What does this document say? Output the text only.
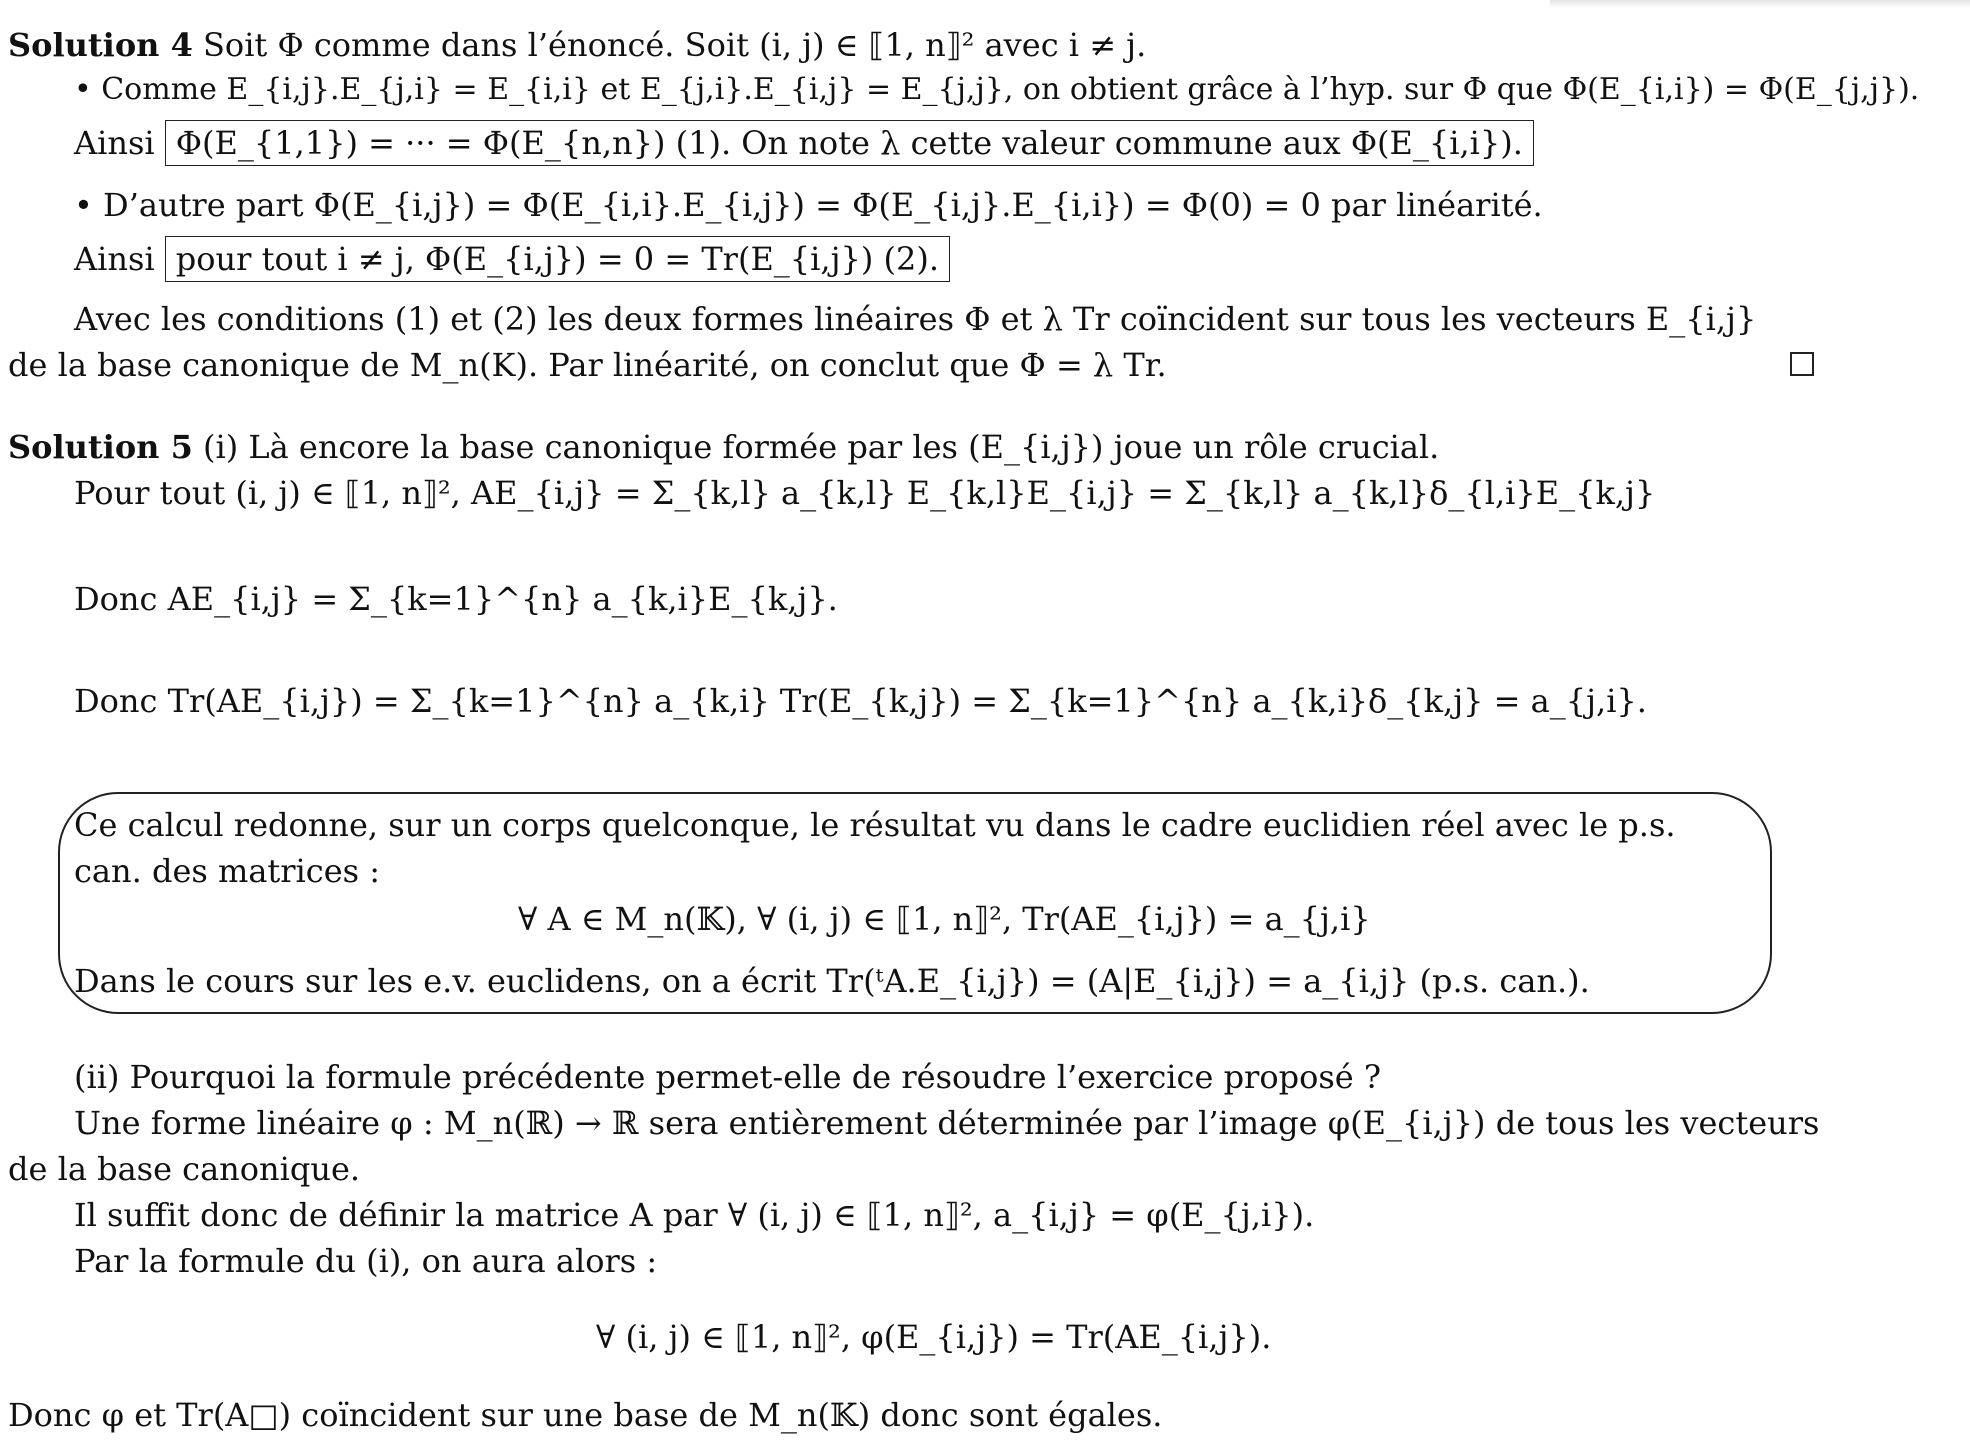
Solution 4 Soit Φ comme dans l’énoncé. Soit (i, j) ∈ ⟦1, n⟧² avec i ≠ j.
• Comme E_{i,j}.E_{j,i} = E_{i,i} et E_{j,i}.E_{i,j} = E_{j,j}, on obtient grâce à l’hyp. sur Φ que Φ(E_{i,i}) = Φ(E_{j,j}).
Ainsi Φ(E_{1,1}) = ··· = Φ(E_{n,n}) (1). On note λ cette valeur commune aux Φ(E_{i,i}).
• D’autre part Φ(E_{i,j}) = Φ(E_{i,i}.E_{i,j}) = Φ(E_{i,j}.E_{i,i}) = Φ(0) = 0 par linéarité.
Ainsi pour tout i ≠ j, Φ(E_{i,j}) = 0 = Tr(E_{i,j}) (2).
Avec les conditions (1) et (2) les deux formes linéaires Φ et λ Tr coïncident sur tous les vecteurs E_{i,j}
de la base canonique de M_n(K). Par linéarité, on conclut que Φ = λ Tr.
Solution 5 (i) Là encore la base canonique formée par les (E_{i,j}) joue un rôle crucial.
Pour tout (i, j) ∈ ⟦1, n⟧², AE_{i,j} = Σ_{k,l} a_{k,l} E_{k,l}E_{i,j} = Σ_{k,l} a_{k,l}δ_{l,i}E_{k,j}
Donc AE_{i,j} = Σ_{k=1}^{n} a_{k,i}E_{k,j}.
Donc Tr(AE_{i,j}) = Σ_{k=1}^{n} a_{k,i} Tr(E_{k,j}) = Σ_{k=1}^{n} a_{k,i}δ_{k,j} = a_{j,i}.
Ce calcul redonne, sur un corps quelconque, le résultat vu dans le cadre euclidien réel avec le p.s.
can. des matrices :
∀ A ∈ M_n(𝕂), ∀ (i, j) ∈ ⟦1, n⟧², Tr(AE_{i,j}) = a_{j,i}
Dans le cours sur les e.v. euclidens, on a écrit Tr(ᵗA.E_{i,j}) = (A|E_{i,j}) = a_{i,j} (p.s. can.).
(ii) Pourquoi la formule précédente permet-elle de résoudre l’exercice proposé ?
Une forme linéaire φ : M_n(ℝ) → ℝ sera entièrement déterminée par l’image φ(E_{i,j}) de tous les vecteurs
de la base canonique.
Il suffit donc de définir la matrice A par ∀ (i, j) ∈ ⟦1, n⟧², a_{i,j} = φ(E_{j,i}).
Par la formule du (i), on aura alors :
∀ (i, j) ∈ ⟦1, n⟧², φ(E_{i,j}) = Tr(AE_{i,j}).
Donc φ et Tr(A□) coïncident sur une base de M_n(𝕂) donc sont égales.
